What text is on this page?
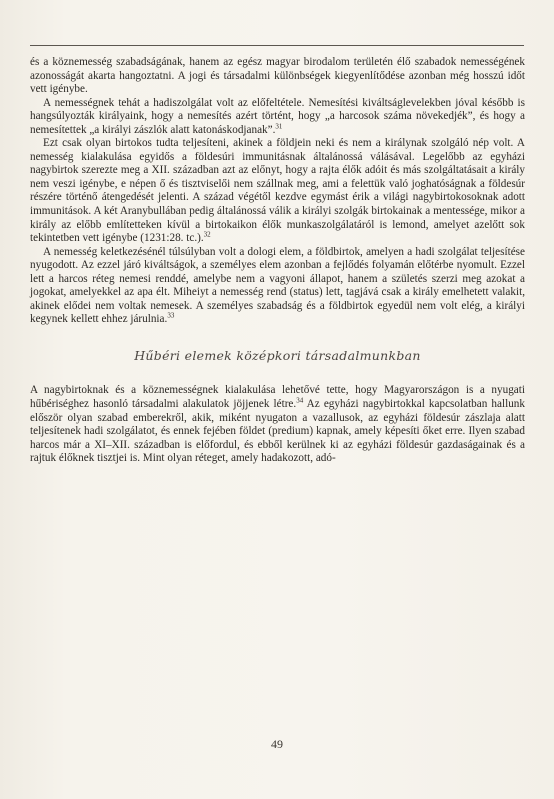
és a köznemesség szabadságának, hanem az egész magyar birodalom területén élő szabadok nemességének azonosságát akarta hangoztatni. A jogi és társadalmi különbségek kiegyenlítődése azonban még hosszú időt vett igénybe.

A nemességnek tehát a hadiszolgálat volt az előfeltétele. Nemesítési kiváltságlevelekben jóval később is hangsúlyozták királyaink, hogy a nemesítés azért történt, hogy „a harcosok száma növekedjék”, és hogy a nemesítettek „a királyi zászlók alatt katonáskodjanak”.$^{31}$

Ezt csak olyan birtokos tudta teljesíteni, akinek a földjein neki és nem a királynak szolgáló nép volt. A nemesség kialakulása egyidős a földesúri immunitásnak általánossá válásával. Legelőbb az egyházi nagybirtok szerezte meg a XII. században azt az előnyt, hogy a rajta élők adóit és más szolgáltatásait a király nem veszi igénybe, e népen ő és tisztviselői nem szállnak meg, ami a felettük való joghatóságnak a földesúr részére történő átengedését jelenti. A század végétől kezdve egymást érik a világi nagybirtokosoknak adott immunitások. A két Aranybullában pedig általánossá válik a királyi szolgák birtokainak a mentessége, mikor a király az előbb említetteken kívül a birtokaikon élők munkaszolgálatáról is lemond, amelyet azelőtt sok tekintetben vett igénybe (1231:28. tc.).$^{32}$

A nemesség keletkezésénél túlsúlyban volt a dologi elem, a földbirtok, amelyen a hadi szolgálat teljesítése nyugodott. Az ezzel járó kiváltságok, a személyes elem azonban a fejlődés folyamán előtérbe nyomult. Ezzel lett a harcos réteg nemesi renddé, amelybe nem a vagyoni állapot, hanem a születés szerzi meg azokat a jogokat, amelyekkel az apa élt. Miheiyt a nemesség rend (status) lett, tagjává csak a király emelhetett valakit, akinek elődei nem voltak nemesek. A személyes szabadság és a földbirtok egyedül nem volt elég, a királyi kegynek kellett ehhez járulnia.$^{33}$

Hűbéri elemek középkori társadalmunkban

A nagybirtoknak és a köznemességnek kialakulása lehetővé tette, hogy Magyarországon is a nyugati hűbériséghez hasonló társadalmi alakulatok jöjjenek létre.$^{34}$ Az egyházi nagybirtokkal kapcsolatban hallunk először olyan szabad emberekről, akik, miként nyugaton a vazallusok, az egyházi földesúr zászlaja alatt teljesítenek hadi szolgálatot, és ennek fejében földet (predium) kapnak, amely képesíti őket erre. Ilyen szabad harcos már a XI–XII. században is előfordul, és ebből kerülnek ki az egyházi földesúr gazdaságainak és a rajtuk élőknek tisztjei is. Mint olyan réteget, amely hadakozott, adó-

49
